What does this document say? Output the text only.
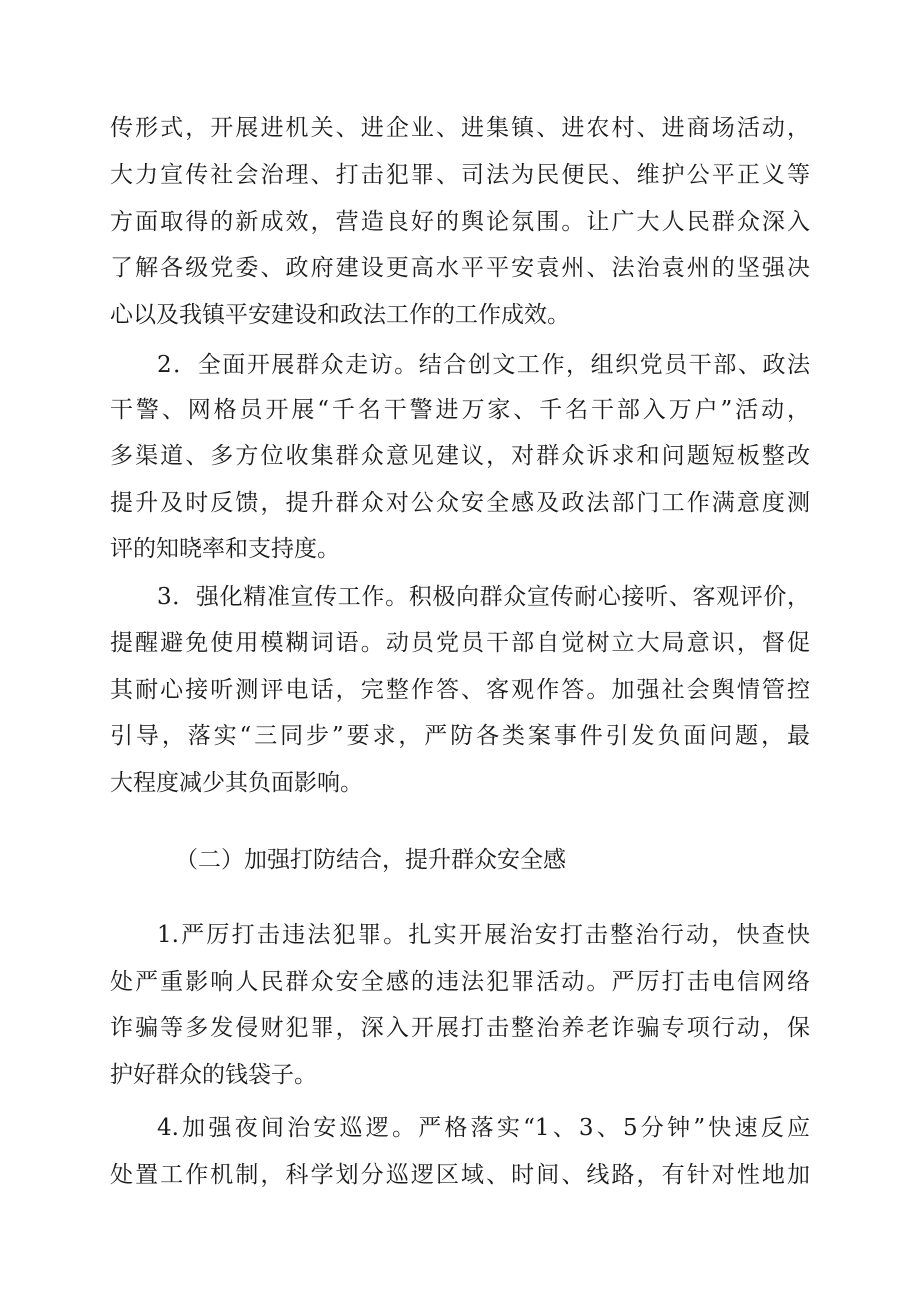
传形式，开展进机关、进企业、进集镇、进农村、进商场活动，
大力宣传社会治理、打击犯罪、司法为民便民、维护公平正义等
方面取得的新成效，营造良好的舆论氛围。让广大人民群众深入
了解各级党委、政府建设更高水平平安袁州、法治袁州的坚强决
心以及我镇平安建设和政法工作的工作成效。
2．全面开展群众走访。结合创文工作，组织党员干部、政法
干警、网格员开展“千名干警进万家、千名干部入万户”活动，
多渠道、多方位收集群众意见建议，对群众诉求和问题短板整改
提升及时反馈，提升群众对公众安全感及政法部门工作满意度测
评的知晓率和支持度。
3．强化精准宣传工作。积极向群众宣传耐心接听、客观评价，
提醒避免使用模糊词语。动员党员干部自觉树立大局意识，督促
其耐心接听测评电话，完整作答、客观作答。加强社会舆情管控
引导，落实“三同步”要求，严防各类案事件引发负面问题，最
大程度减少其负面影响。
（二）加强打防结合，提升群众安全感
1.严厉打击违法犯罪。扎实开展治安打击整治行动，快查快
处严重影响人民群众安全感的违法犯罪活动。严厉打击电信网络
诈骗等多发侵财犯罪，深入开展打击整治养老诈骗专项行动，保
护好群众的钱袋子。
4.加强夜间治安巡逻。严格落实“1、3、5分钟”快速反应
处置工作机制，科学划分巡逻区域、时间、线路，有针对性地加
